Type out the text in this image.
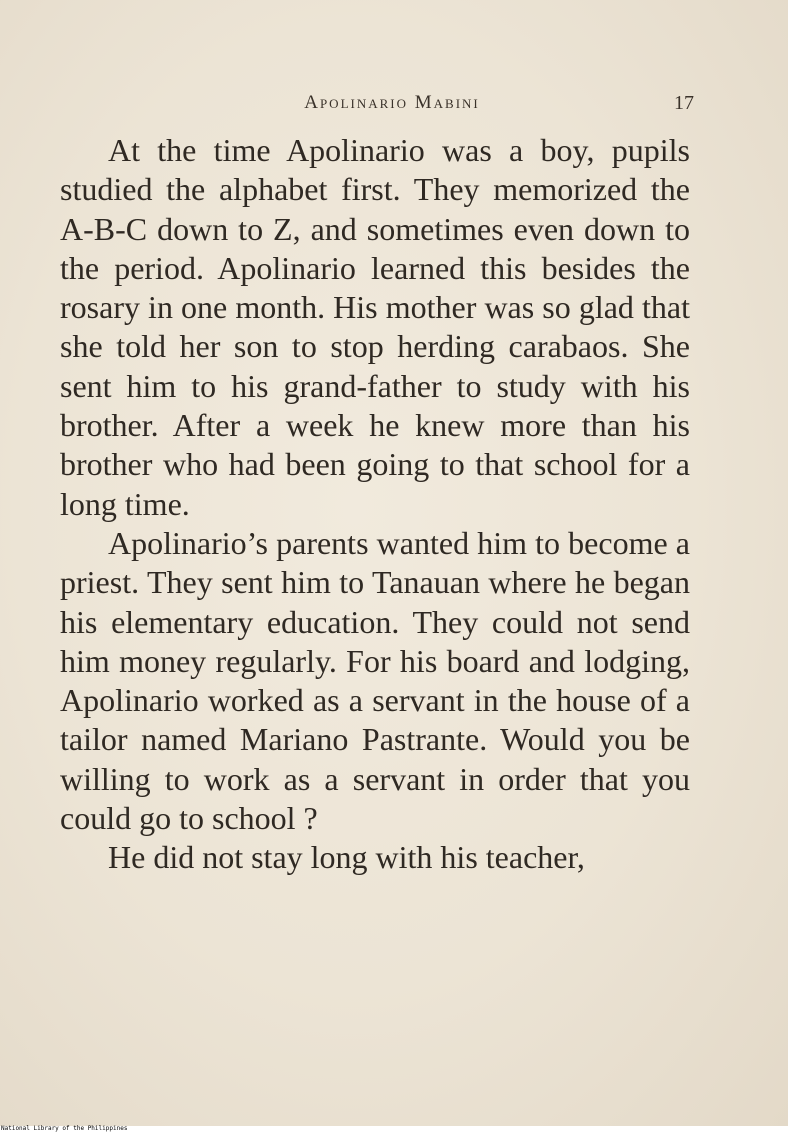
Apolinario Mabini	17

At the time Apolinario was a boy, pupils studied the alphabet first. They memorized the A-B-C down to Z, and sometimes even down to the period. Apolinario learned this besides the rosary in one month. His mother was so glad that she told her son to stop herding carabaos. She sent him to his grand-father to study with his brother. After a week he knew more than his brother who had been going to that school for a long time.

Apolinario’s parents wanted him to become a priest. They sent him to Tanauan where he began his elementary education. They could not send him money regularly. For his board and lodging, Apolinario worked as a servant in the house of a tailor named Mariano Pastrante. Would you be willing to work as a servant in order that you could go to school ?

He did not stay long with his teacher,

National Library of the Philippines
